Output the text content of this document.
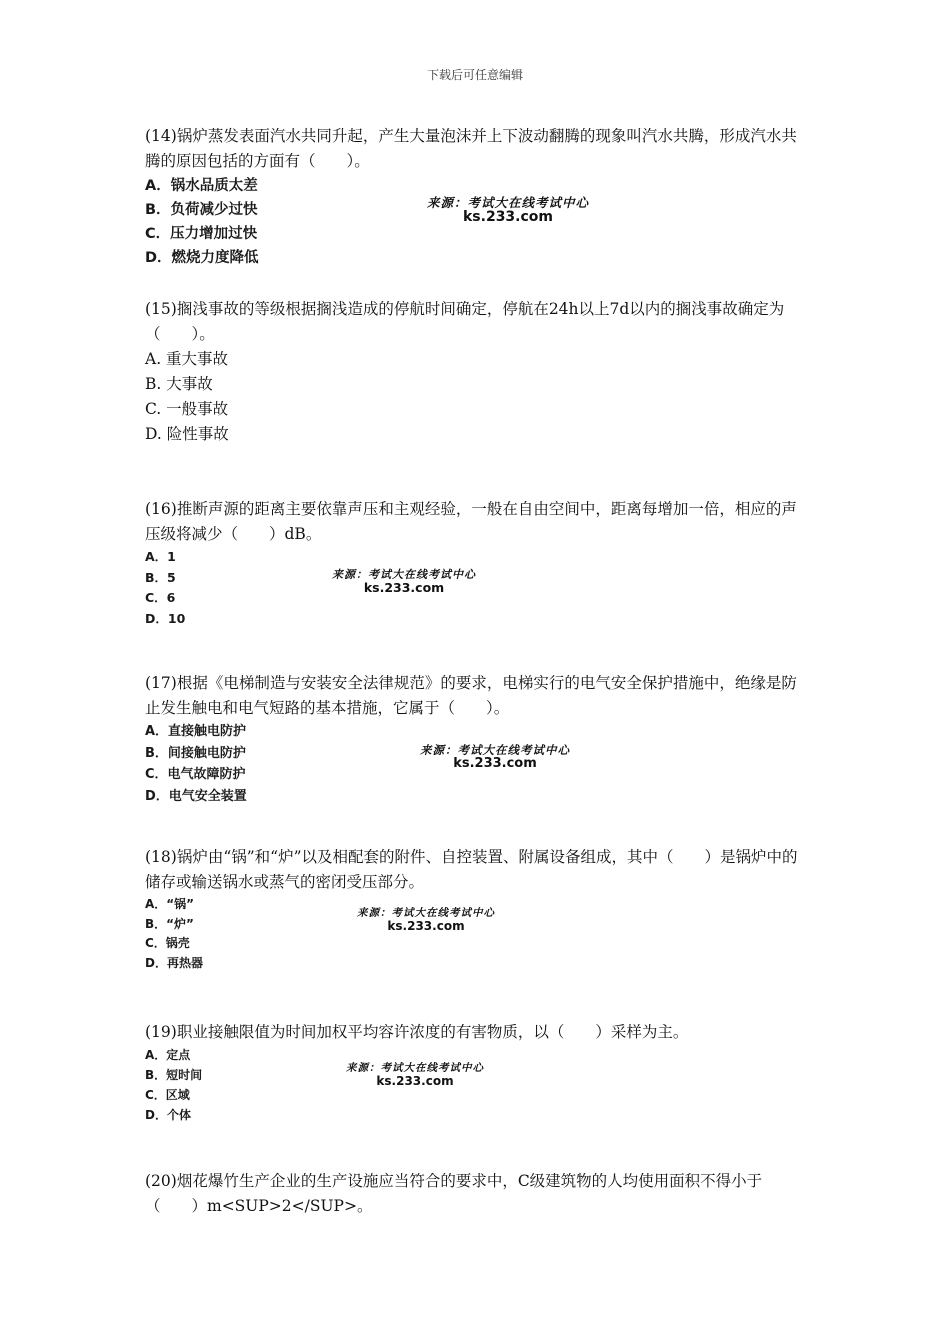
下载后可任意编辑

(14)锅炉蒸发表面汽水共同升起，产生大量泡沫并上下波动翻腾的现象叫汽水共腾，形成汽水共腾的原因包括的方面有（　　）。

A．锅水品质太差
B．负荷减少过快
C．压力增加过快
D．燃烧力度降低
来源：考试大在线考试中心
ks.233.com

(15)搁浅事故的等级根据搁浅造成的停航时间确定，停航在24h以上7d以内的搁浅事故确定为（　　）。

A. 重大事故
B. 大事故
C. 一般事故
D. 险性事故

(16)推断声源的距离主要依靠声压和主观经验，一般在自由空间中，距离每增加一倍，相应的声压级将减少（　　）dB。

A．1
B．5
C．6
D．10
来源：考试大在线考试中心
ks.233.com

(17)根据《电梯制造与安装安全法律规范》的要求，电梯实行的电气安全保护措施中，绝缘是防止发生触电和电气短路的基本措施，它属于（　　）。

A．直接触电防护
B．间接触电防护
C．电气故障防护
D．电气安全装置
来源：考试大在线考试中心
ks.233.com

(18)锅炉由“锅”和“炉”以及相配套的附件、自控装置、附属设备组成，其中（　　）是锅炉中的储存或输送锅水或蒸气的密闭受压部分。

A．“锅”
B．“炉”
C．锅壳
D．再热器
来源：考试大在线考试中心
ks.233.com

(19)职业接触限值为时间加权平均容许浓度的有害物质，以（　　）采样为主。

A．定点
B．短时间
C．区域
D．个体
来源：考试大在线考试中心
ks.233.com

(20)烟花爆竹生产企业的生产设施应当符合的要求中，C级建筑物的人均使用面积不得小于（　　）m<SUP>2</SUP>。
